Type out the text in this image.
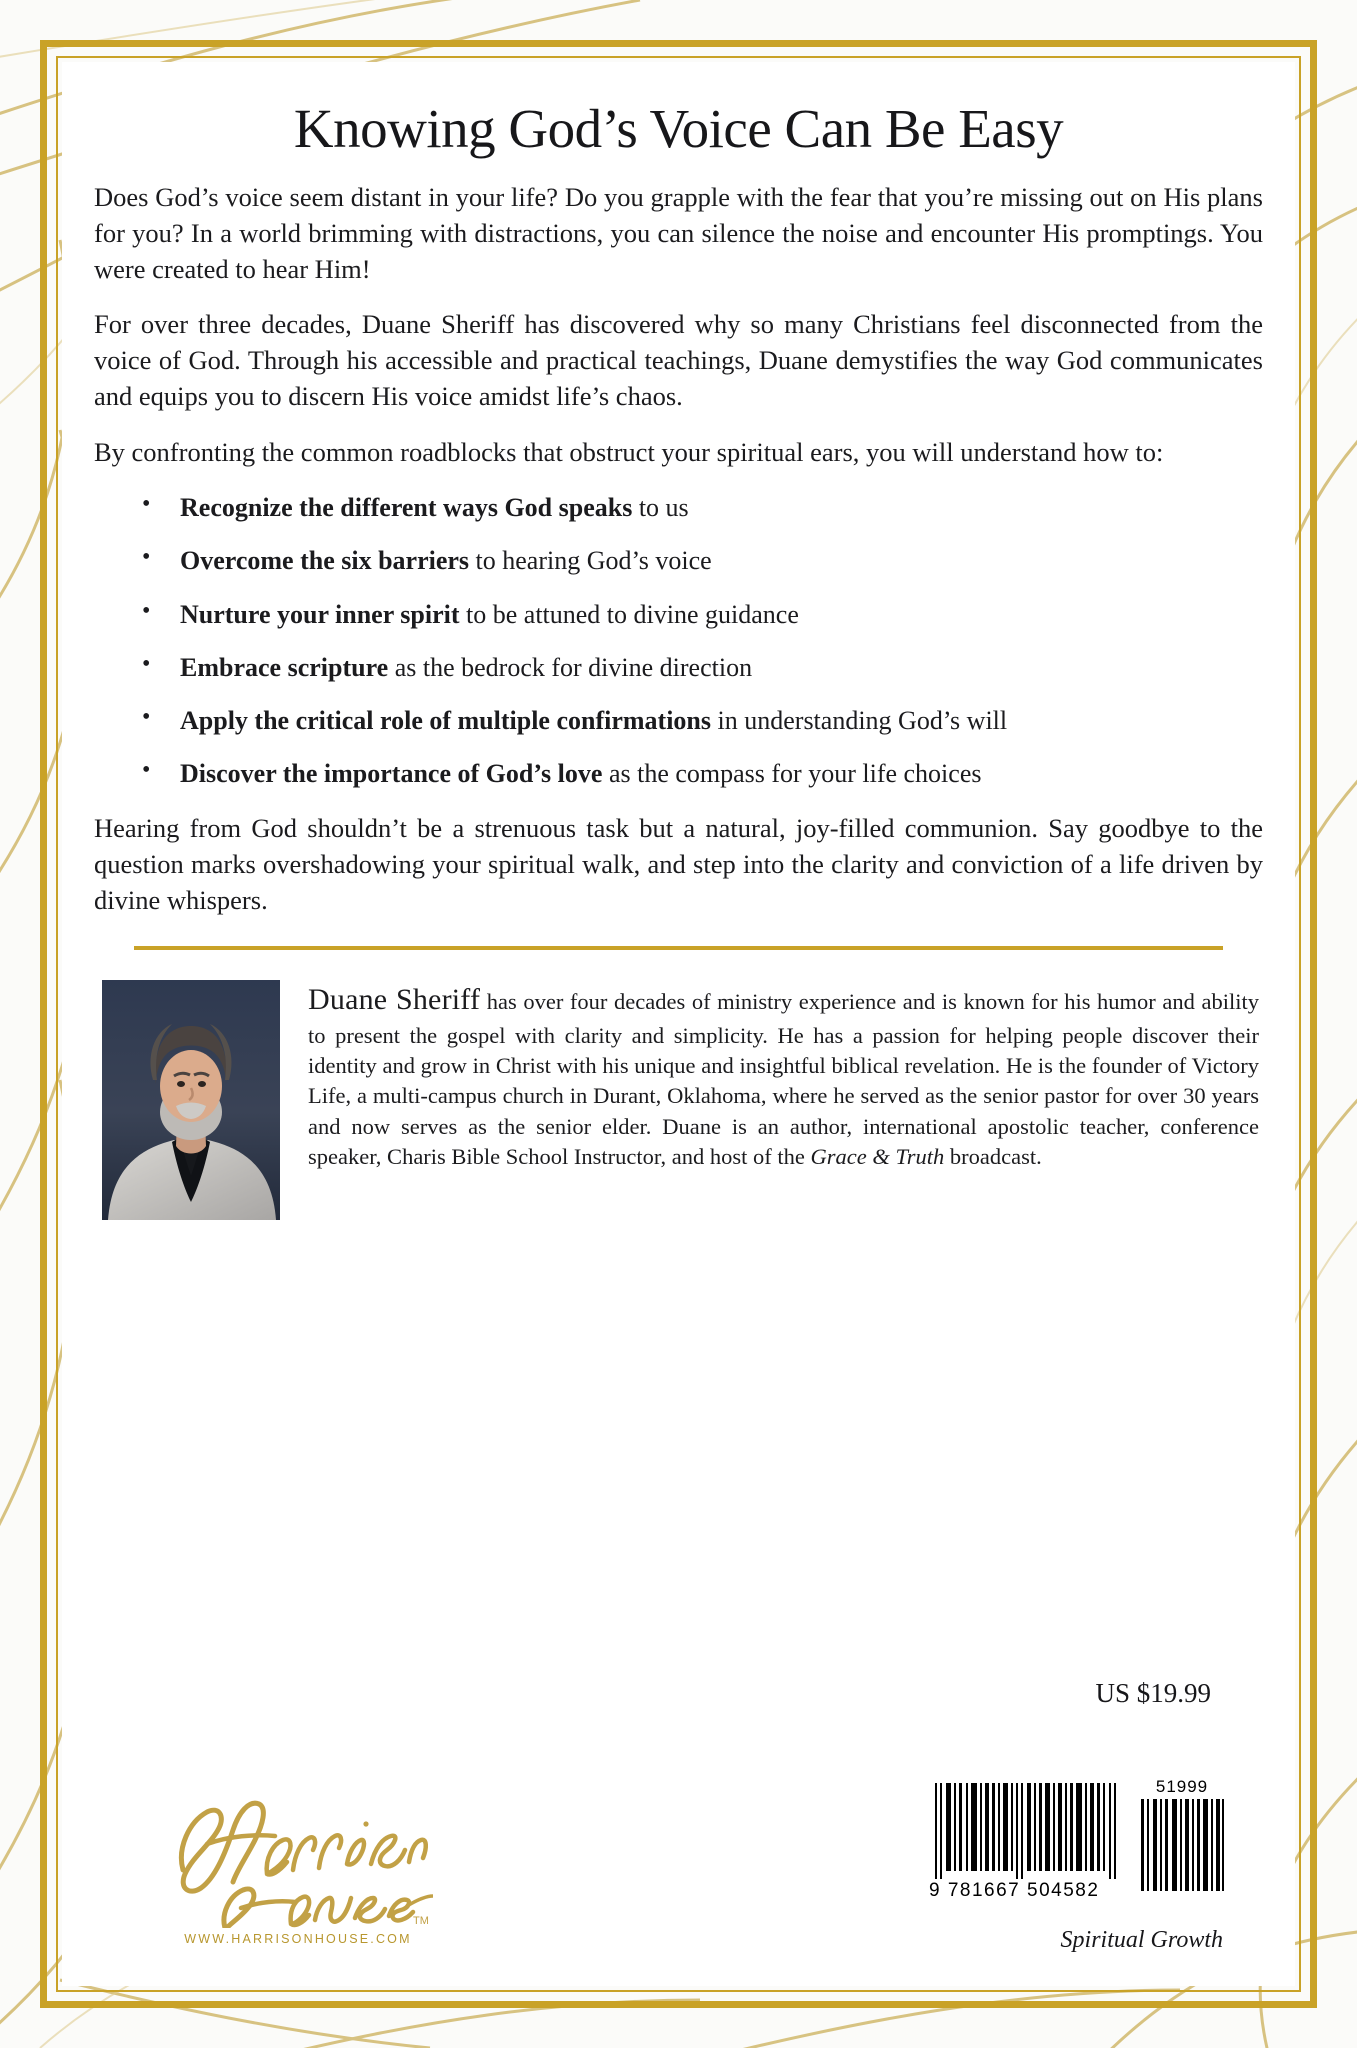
Knowing God’s Voice Can Be Easy

Does God’s voice seem distant in your life? Do you grapple with the fear that you’re missing out on His plans for you? In a world brimming with distractions, you can silence the noise and encounter His promptings. You were created to hear Him!

For over three decades, Duane Sheriff has discovered why so many Christians feel disconnected from the voice of God. Through his accessible and practical teachings, Duane demystifies the way God communicates and equips you to discern His voice amidst life’s chaos.

By confronting the common roadblocks that obstruct your spiritual ears, you will understand how to:

• Recognize the different ways God speaks to us
• Overcome the six barriers to hearing God’s voice
• Nurture your inner spirit to be attuned to divine guidance
• Embrace scripture as the bedrock for divine direction
• Apply the critical role of multiple confirmations in understanding God’s will
• Discover the importance of God’s love as the compass for your life choices

Hearing from God shouldn’t be a strenuous task but a natural, joy-filled communion. Say goodbye to the question marks overshadowing your spiritual walk, and step into the clarity and conviction of a life driven by divine whispers.

Duane Sheriff has over four decades of ministry experience and is known for his humor and ability to present the gospel with clarity and simplicity. He has a passion for helping people discover their identity and grow in Christ with his unique and insightful biblical revelation. He is the founder of Victory Life, a multi-campus church in Durant, Oklahoma, where he served as the senior pastor for over 30 years and now serves as the senior elder. Duane is an author, international apostolic teacher, conference speaker, Charis Bible School Instructor, and host of the Grace & Truth broadcast.
US $19.99
TM
WWW.HARRISONHOUSE.COM
51999
9 781667 504582
Spiritual Growth
